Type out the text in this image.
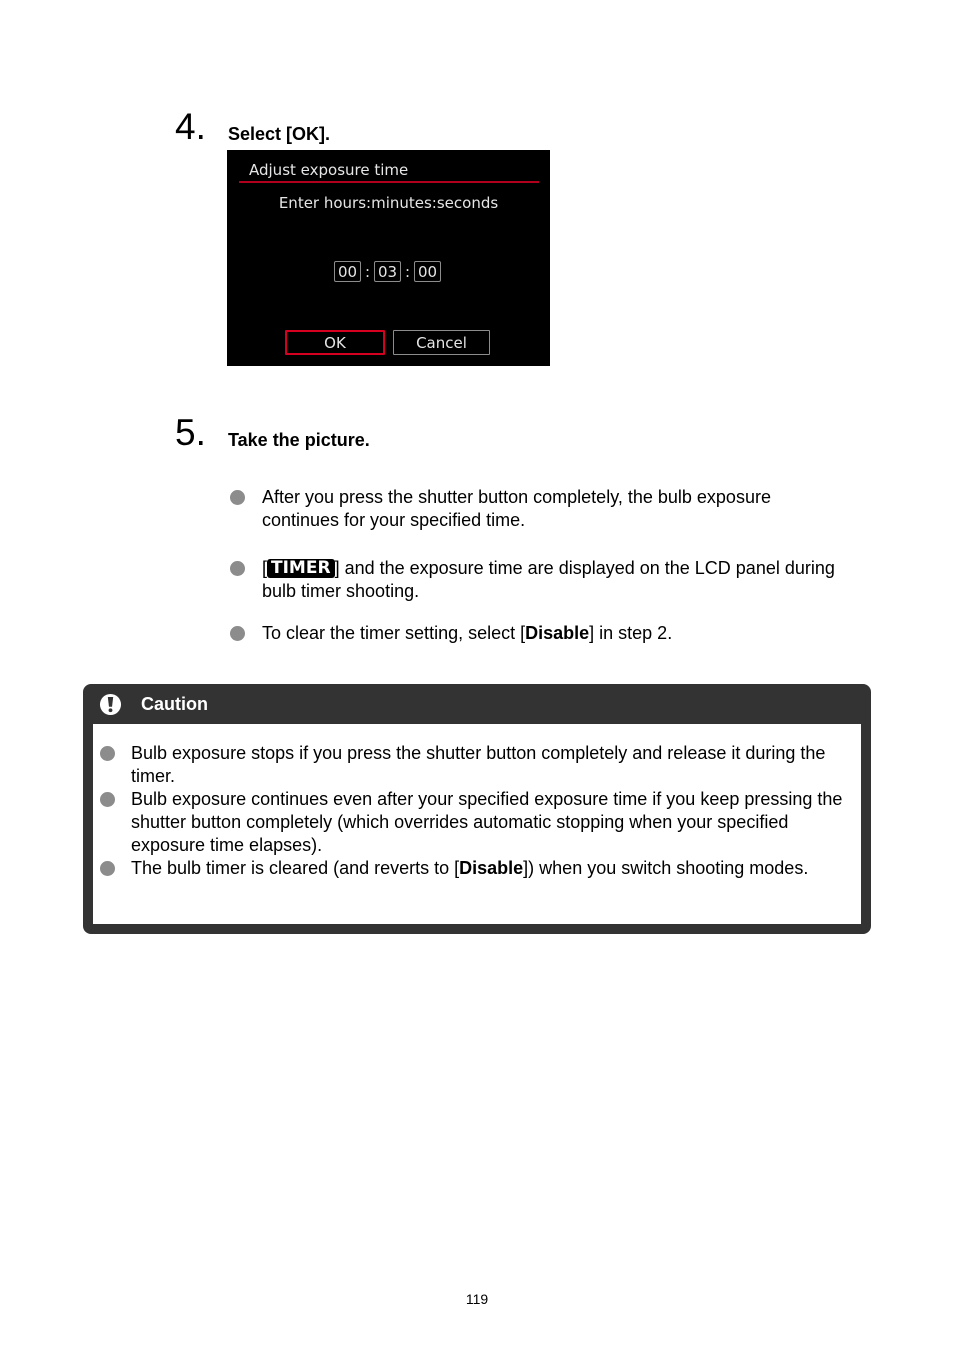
4.	Select [OK].
Adjust exposure time
Enter hours:minutes:seconds
00 : 03 : 00
OK	Cancel
5.	Take the picture.
After you press the shutter button completely, the bulb exposure continues for your specified time.
[ TIMER ] and the exposure time are displayed on the LCD panel during bulb timer shooting.
To clear the timer setting, select [Disable] in step 2.
Caution
Bulb exposure stops if you press the shutter button completely and release it during the timer.
Bulb exposure continues even after your specified exposure time if you keep pressing the shutter button completely (which overrides automatic stopping when your specified exposure time elapses).
The bulb timer is cleared (and reverts to [Disable]) when you switch shooting modes.
119
